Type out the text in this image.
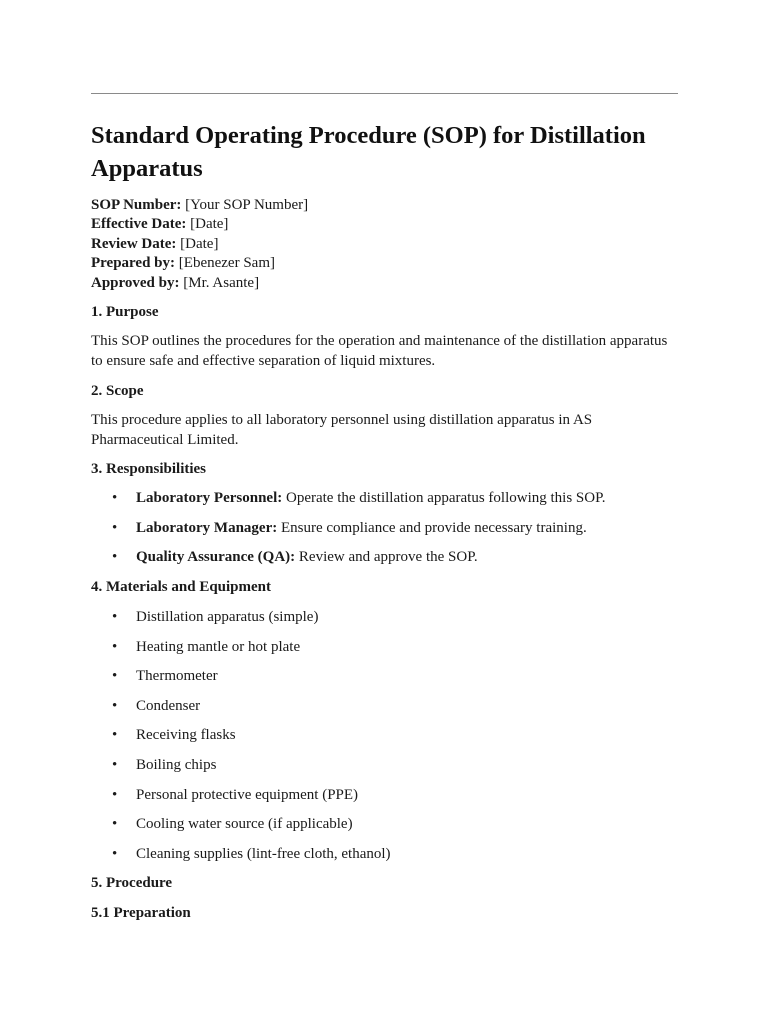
Standard Operating Procedure (SOP) for Distillation Apparatus
SOP Number: [Your SOP Number]
Effective Date: [Date]
Review Date: [Date]
Prepared by: [Ebenezer Sam]
Approved by: [Mr. Asante]
1. Purpose

This SOP outlines the procedures for the operation and maintenance of the distillation apparatus to ensure safe and effective separation of liquid mixtures.

2. Scope

This procedure applies to all laboratory personnel using distillation apparatus in AS Pharmaceutical Limited.

3. Responsibilities
• Laboratory Personnel: Operate the distillation apparatus following this SOP.
• Laboratory Manager: Ensure compliance and provide necessary training.
• Quality Assurance (QA): Review and approve the SOP.
4. Materials and Equipment
• Distillation apparatus (simple)
• Heating mantle or hot plate
• Thermometer
• Condenser
• Receiving flasks
• Boiling chips
• Personal protective equipment (PPE)
• Cooling water source (if applicable)
• Cleaning supplies (lint-free cloth, ethanol)
5. Procedure
5.1 Preparation
